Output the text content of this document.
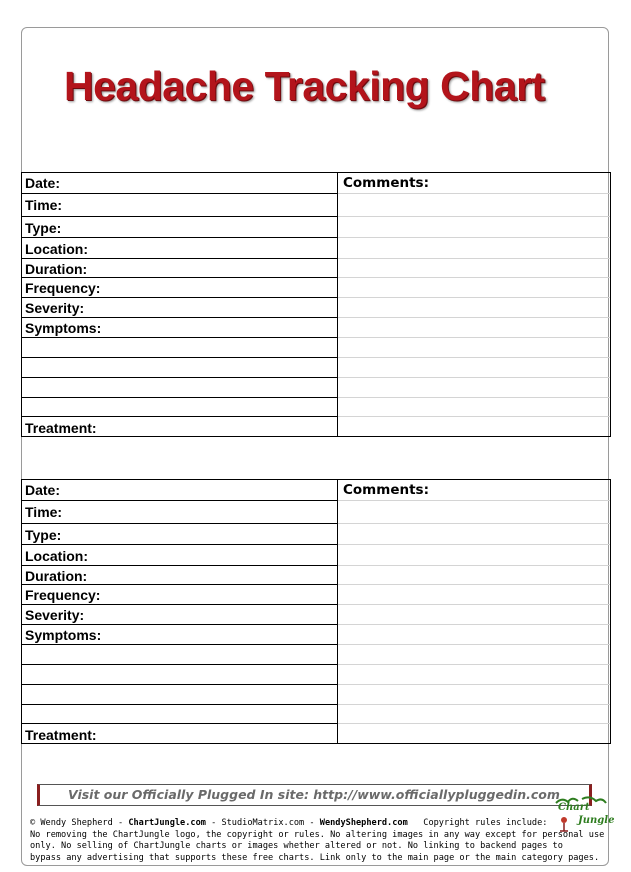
Headache Tracking Chart
Date:
Time:
Type:
Location:
Duration:
Frequency:
Severity:
Symptoms:
Treatment:
Comments:
Date:
Time:
Type:
Location:
Duration:
Frequency:
Severity:
Symptoms:
Treatment:
Comments:
Visit our Officially Plugged In site: http://www.officiallypluggedin.com
Chart
Jungle
© Wendy Shepherd - ChartJungle.com - StudioMatrix.com - WendyShepherd.com   Copyright rules include:
No removing the ChartJungle logo, the copyright or rules. No altering images in any way except for personal use
only. No selling of ChartJungle charts or images whether altered or not. No linking to backend pages to
bypass any advertising that supports these free charts. Link only to the main page or the main category pages.
